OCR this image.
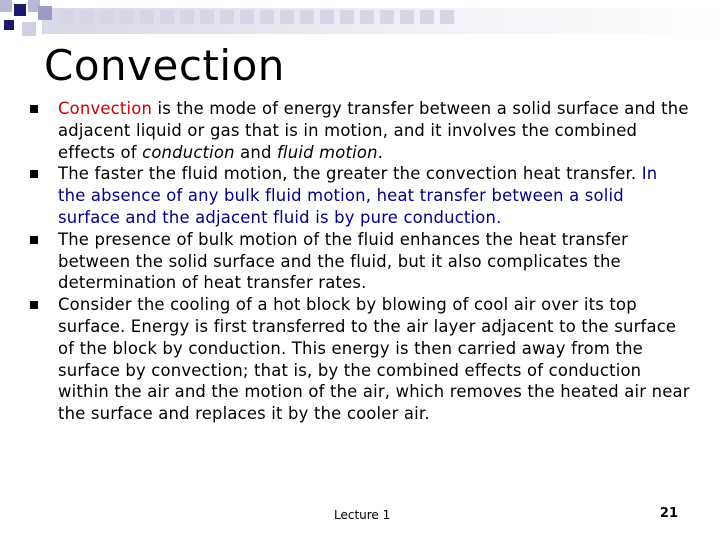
Convection
Convection is the mode of energy transfer between a solid surface and the adjacent liquid or gas that is in motion, and it involves the combined effects of conduction and fluid motion.
The faster the fluid motion, the greater the convection heat transfer. In the absence of any bulk fluid motion, heat transfer between a solid surface and the adjacent fluid is by pure conduction.
The presence of bulk motion of the fluid enhances the heat transfer between the solid surface and the fluid, but it also complicates the determination of heat transfer rates.
Consider the cooling of a hot block by blowing of cool air over its top surface. Energy is first transferred to the air layer adjacent to the surface of the block by conduction. This energy is then carried away from the surface by convection; that is, by the combined effects of conduction within the air and the motion of the air, which removes the heated air near the surface and replaces it by the cooler air.
Lecture 1	21
